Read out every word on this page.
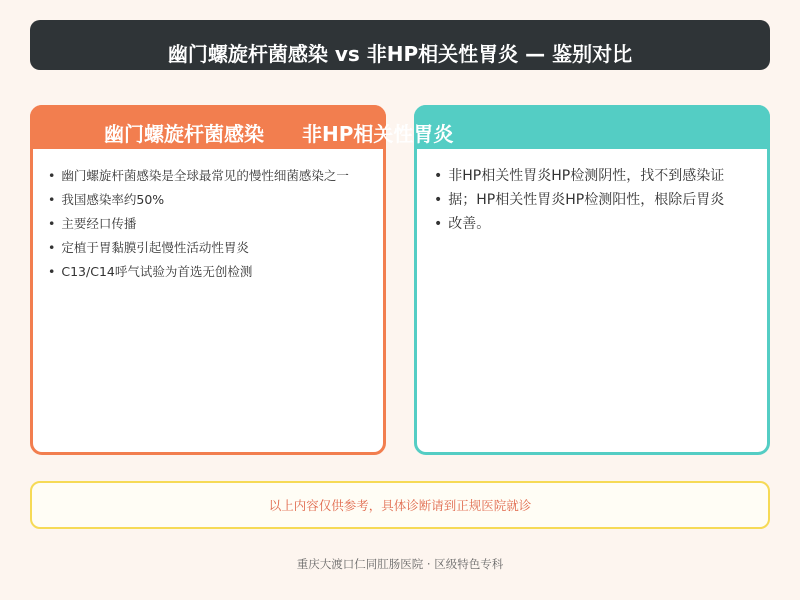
幽门螺旋杆菌感染 vs 非HP相关性胃炎 — 鉴别对比
幽门螺旋杆菌感染 非HP相关性胃炎
• 幽门螺旋杆菌感染是全球最常见的慢性细菌感染之一
• 我国感染率约50%
• 主要经口传播
• 定植于胃黏膜引起慢性活动性胃炎
• C13/C14呼气试验为首选无创检测
• 非HP相关性胃炎HP检测阴性，找不到感染证
• 据；HP相关性胃炎HP检测阳性，根除后胃炎
• 改善。
以上内容仅供参考，具体诊断请到正规医院就诊
重庆大渡口仁同肛肠医院 · 区级特色专科
